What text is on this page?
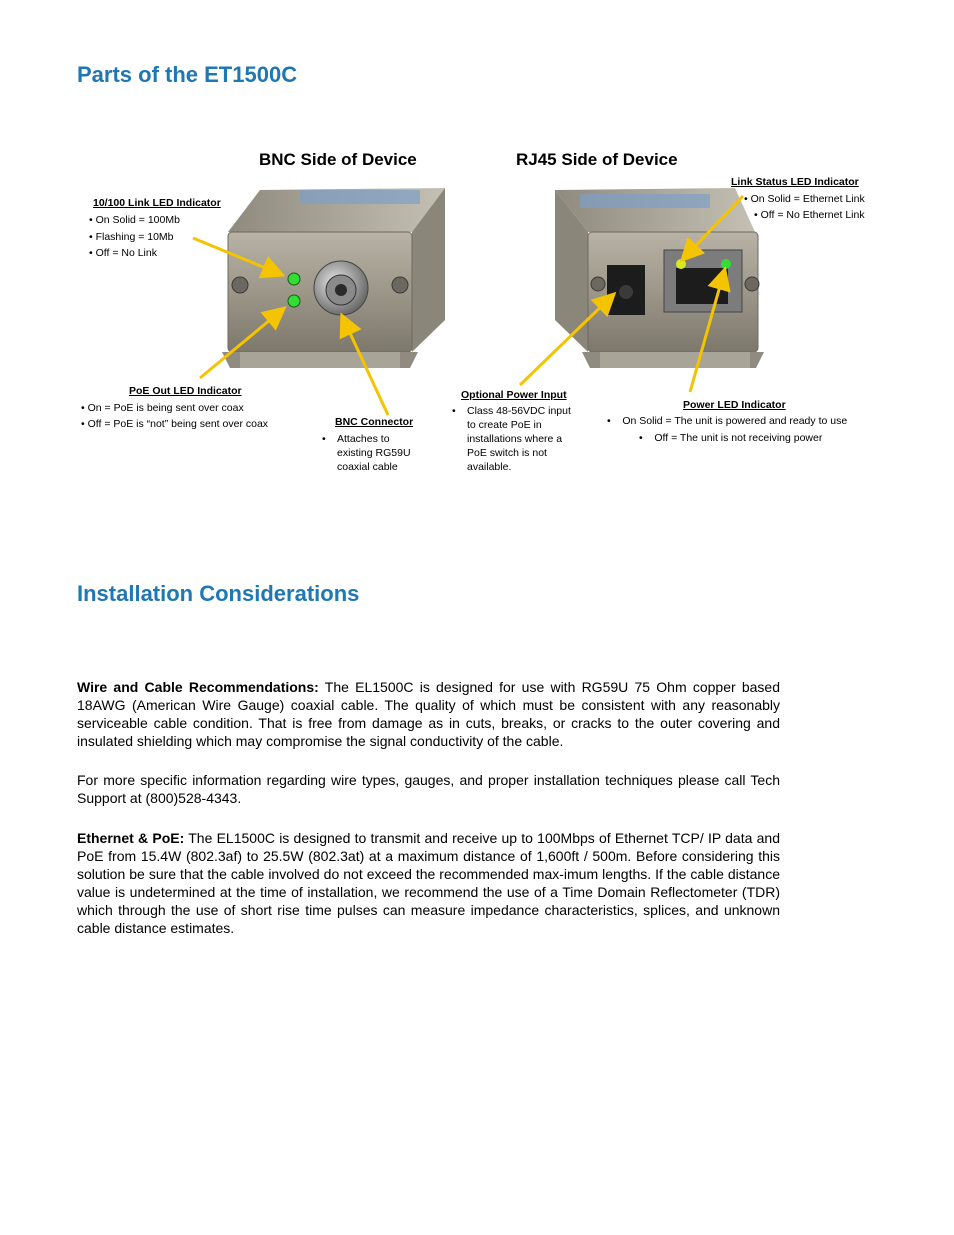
Parts of the ET1500C
BNC Side of Device	RJ45 Side of Device
10/100 Link LED Indicator
• On Solid = 100Mb
• Flashing = 10Mb
• Off = No Link
PoE Out LED Indicator
• On = PoE is being sent over coax
• Off = PoE is “not” being sent over coax	BNC Connector
• Attaches to
existing RG59U
coaxial cable
Optional Power Input
• Class 48-56VDC input
to create PoE in
installations where a
PoE switch is not
available.
Link Status LED Indicator
• On Solid = Ethernet Link
• Off = No Ethernet Link
Power LED Indicator
•    On Solid = The unit is powered and ready to use
•    Off = The unit is not receiving power
Installation Considerations

Wire and Cable Recommendations: The EL1500C is designed for use with RG59U 75 Ohm copper based 18AWG (American Wire Gauge) coaxial cable. The quality of which must be consistent with any reasonably serviceable cable condition. That is free from damage as in cuts, breaks, or cracks to the outer covering and insulated shielding which may compromise the signal conductivity of the cable.

For more specific information regarding wire types, gauges, and proper installation techniques please call Tech Support at (800)528-4343.

Ethernet & PoE: The EL1500C is designed to transmit and receive up to 100Mbps of Ethernet TCP/ IP data and PoE from 15.4W (802.3af) to 25.5W (802.3at) at a maximum distance of 1,600ft / 500m. Before considering this solution be sure that the cable involved do not exceed the recommended max-imum lengths. If the cable distance value is undetermined at the time of installation, we recommend the use of a Time Domain Reflectometer (TDR) which through the use of short rise time pulses can measure impedance characteristics, splices, and unknown cable distance estimates.
